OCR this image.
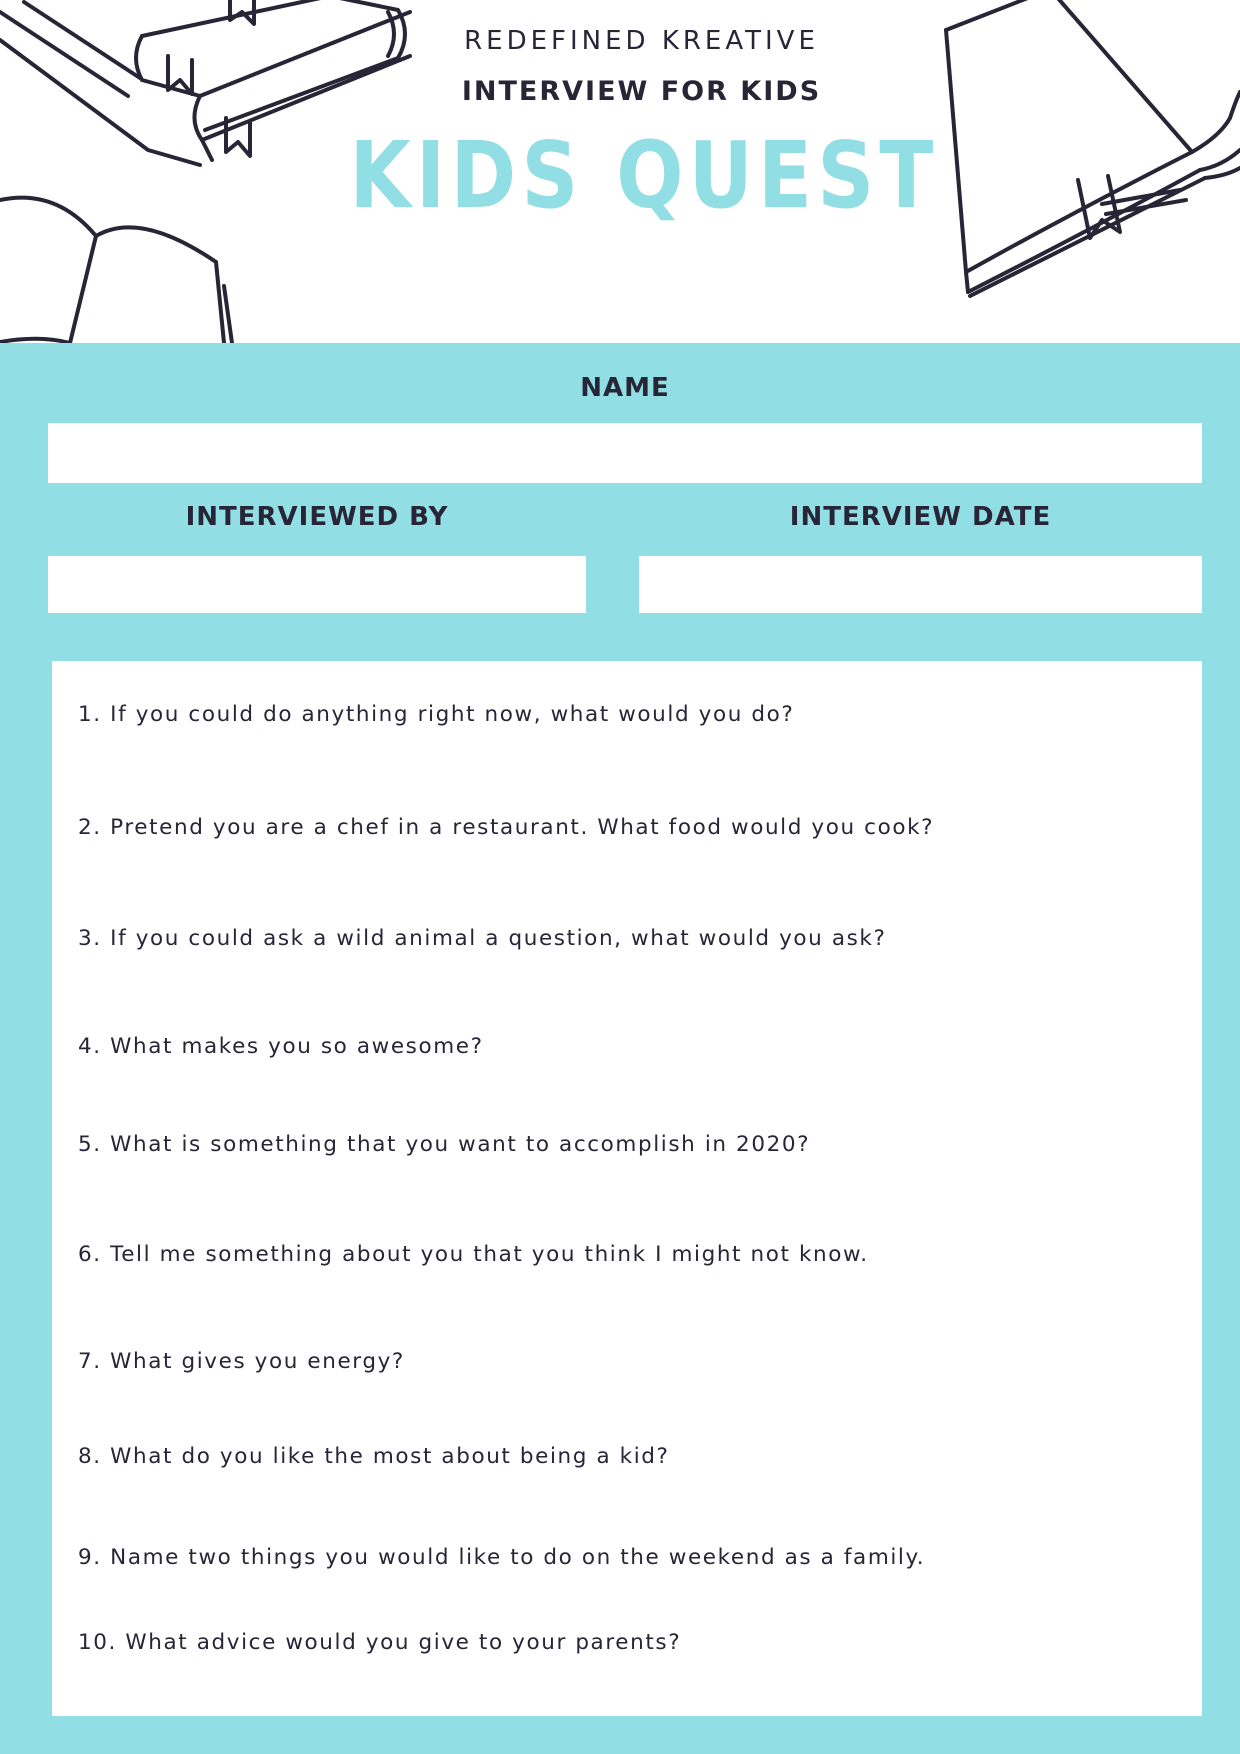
REDEFINED KREATIVE

INTERVIEW FOR KIDS

KIDS QUEST

NAME

INTERVIEWED BY	INTERVIEW DATE

1. If you could do anything right now, what would you do?

2. Pretend you are a chef in a restaurant. What food would you cook?

3. If you could ask a wild animal a question, what would you ask?

4. What makes you so awesome?

5. What is something that you want to accomplish in 2020?

6. Tell me something about you that you think I might not know.

7. What gives you energy?

8. What do you like the most about being a kid?

9. Name two things you would like to do on the weekend as a family.

10. What advice would you give to your parents?
